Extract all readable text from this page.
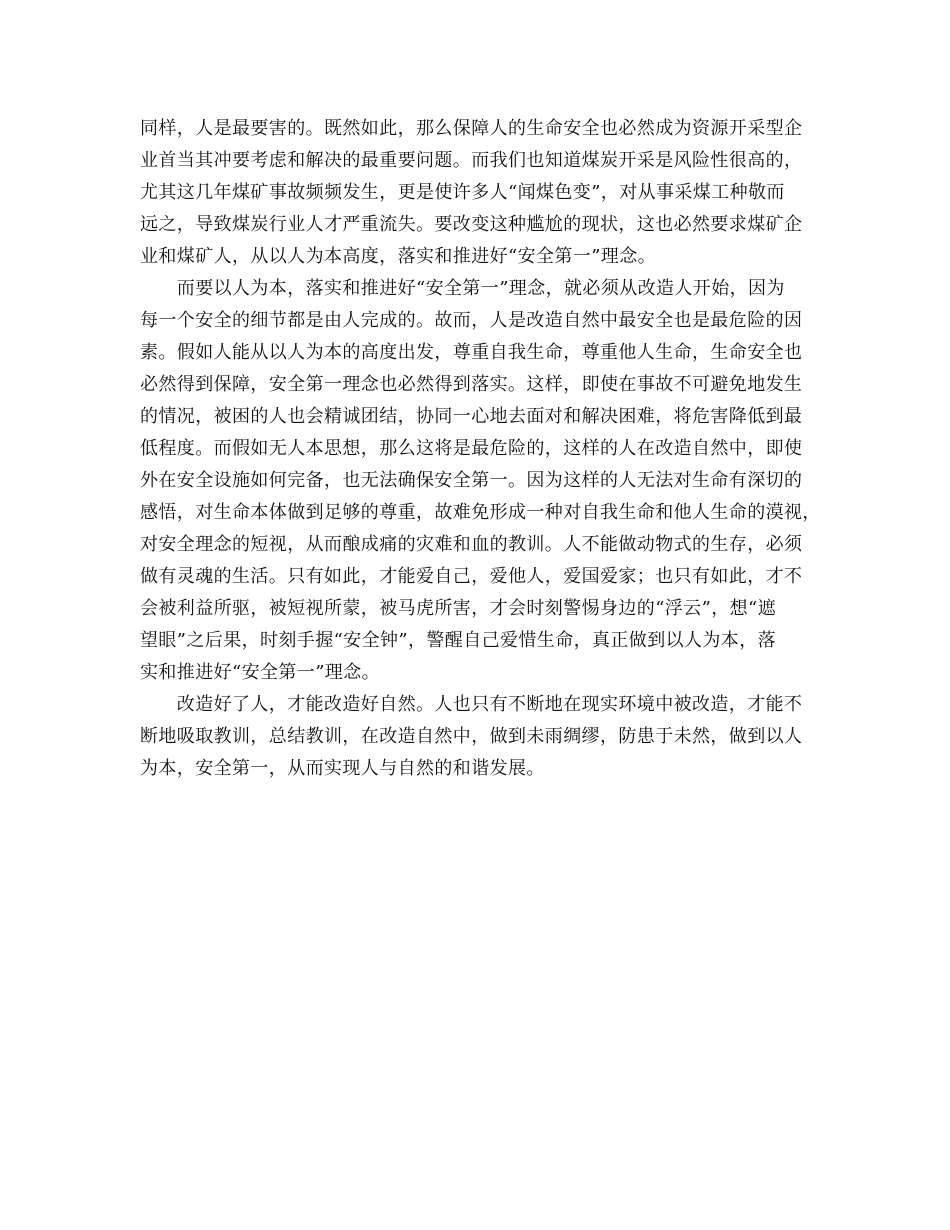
同样，人是最要害的。既然如此，那么保障人的生命安全也必然成为资源开采型企
业首当其冲要考虑和解决的最重要问题。而我们也知道煤炭开采是风险性很高的，
尤其这几年煤矿事故频频发生，更是使许多人“闻煤色变”，对从事采煤工种敬而
远之，导致煤炭行业人才严重流失。要改变这种尴尬的现状，这也必然要求煤矿企
业和煤矿人，从以人为本高度，落实和推进好“安全第一”理念。
　　而要以人为本，落实和推进好“安全第一”理念，就必须从改造人开始，因为
每一个安全的细节都是由人完成的。故而，人是改造自然中最安全也是最危险的因
素。假如人能从以人为本的高度出发，尊重自我生命，尊重他人生命，生命安全也
必然得到保障，安全第一理念也必然得到落实。这样，即使在事故不可避免地发生
的情况，被困的人也会精诚团结，协同一心地去面对和解决困难，将危害降低到最
低程度。而假如无人本思想，那么这将是最危险的，这样的人在改造自然中，即使
外在安全设施如何完备，也无法确保安全第一。因为这样的人无法对生命有深切的
感悟，对生命本体做到足够的尊重，故难免形成一种对自我生命和他人生命的漠视，
对安全理念的短视，从而酿成痛的灾难和血的教训。人不能做动物式的生存，必须
做有灵魂的生活。只有如此，才能爱自己，爱他人，爱国爱家；也只有如此，才不
会被利益所驱，被短视所蒙，被马虎所害，才会时刻警惕身边的“浮云”，想“遮
望眼”之后果，时刻手握“安全钟”，警醒自己爱惜生命，真正做到以人为本，落
实和推进好“安全第一”理念。
　　改造好了人，才能改造好自然。人也只有不断地在现实环境中被改造，才能不
断地吸取教训，总结教训，在改造自然中，做到未雨绸缪，防患于未然，做到以人
为本，安全第一，从而实现人与自然的和谐发展。
